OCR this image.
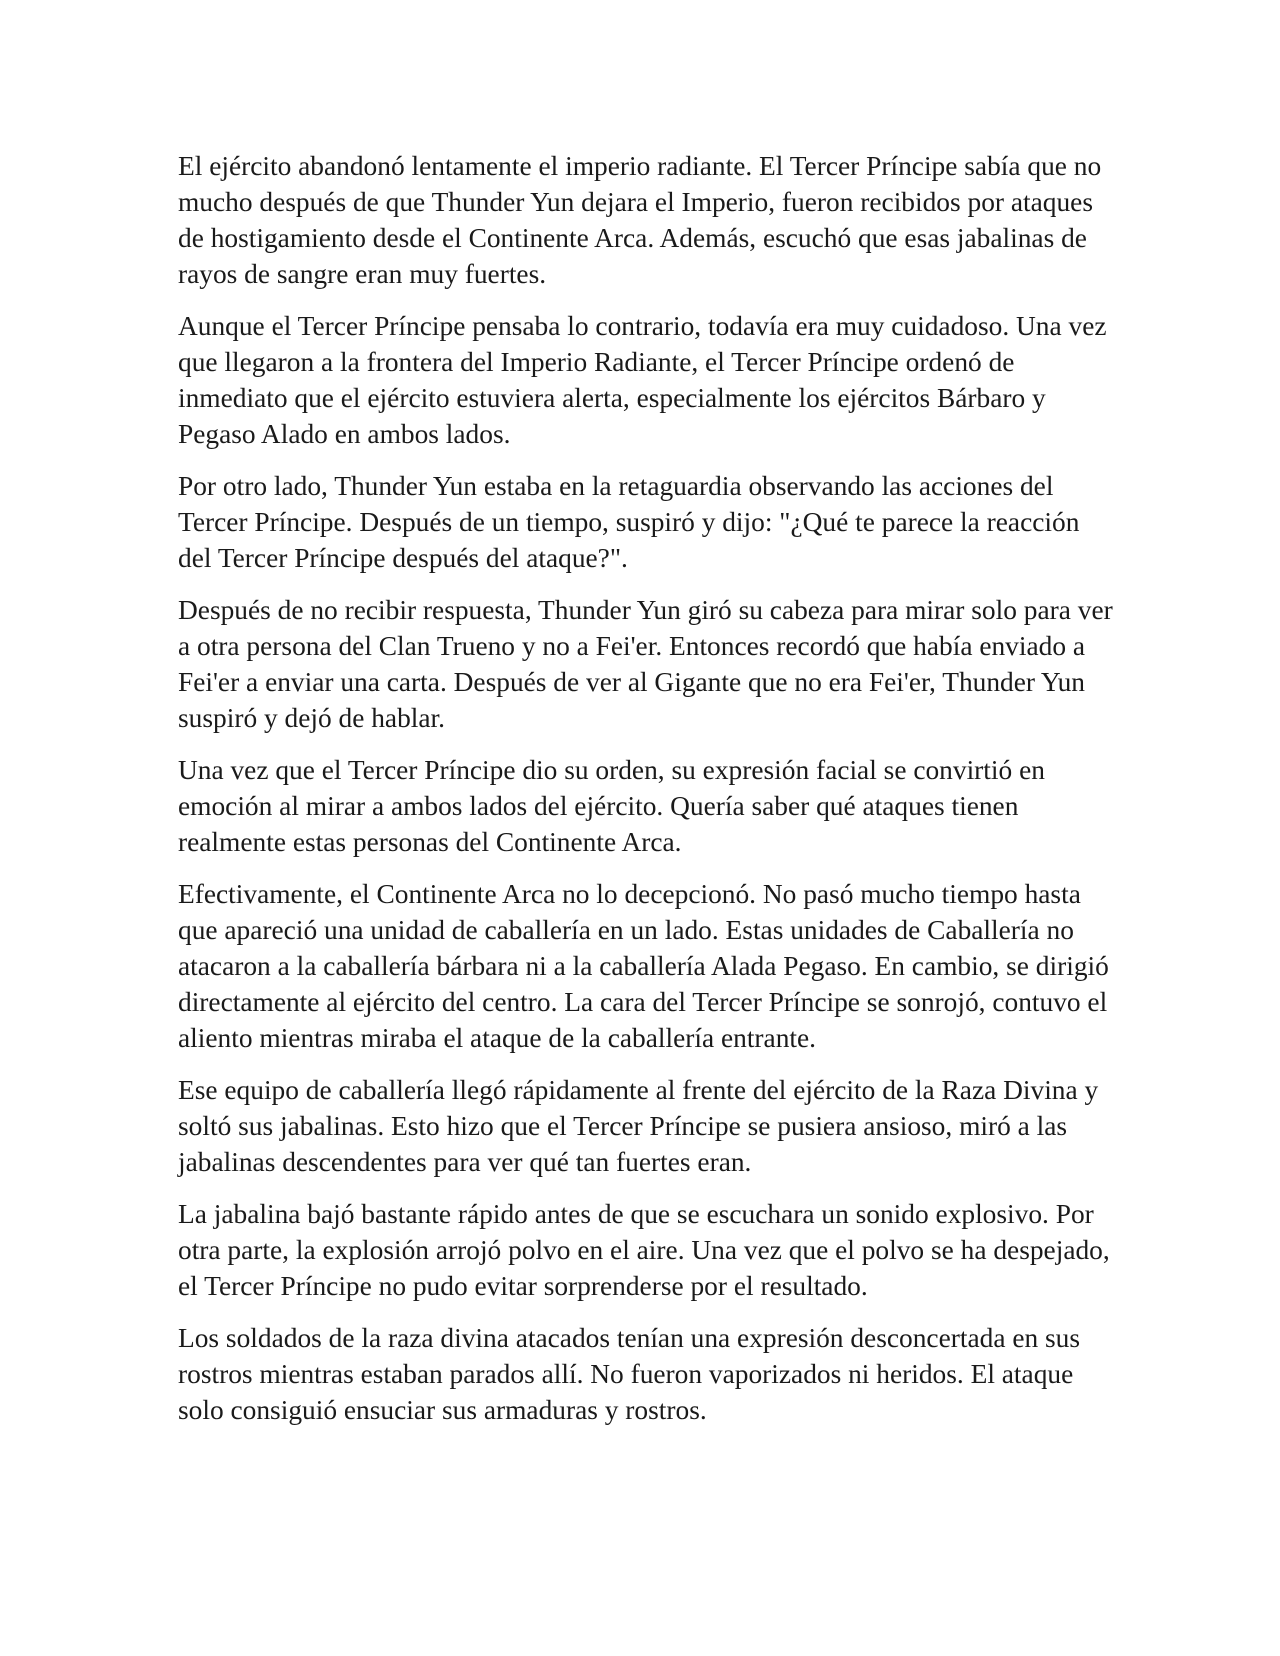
El ejército abandonó lentamente el imperio radiante. El Tercer Príncipe sabía que no mucho después de que Thunder Yun dejara el Imperio, fueron recibidos por ataques de hostigamiento desde el Continente Arca. Además, escuchó que esas jabalinas de rayos de sangre eran muy fuertes.

Aunque el Tercer Príncipe pensaba lo contrario, todavía era muy cuidadoso. Una vez que llegaron a la frontera del Imperio Radiante, el Tercer Príncipe ordenó de inmediato que el ejército estuviera alerta, especialmente los ejércitos Bárbaro y Pegaso Alado en ambos lados.

Por otro lado, Thunder Yun estaba en la retaguardia observando las acciones del Tercer Príncipe. Después de un tiempo, suspiró y dijo: "¿Qué te parece la reacción del Tercer Príncipe después del ataque?".

Después de no recibir respuesta, Thunder Yun giró su cabeza para mirar solo para ver a otra persona del Clan Trueno y no a Fei'er. Entonces recordó que había enviado a Fei'er a enviar una carta. Después de ver al Gigante que no era Fei'er, Thunder Yun suspiró y dejó de hablar.

Una vez que el Tercer Príncipe dio su orden, su expresión facial se convirtió en emoción al mirar a ambos lados del ejército. Quería saber qué ataques tienen realmente estas personas del Continente Arca.

Efectivamente, el Continente Arca no lo decepcionó. No pasó mucho tiempo hasta que apareció una unidad de caballería en un lado. Estas unidades de Caballería no atacaron a la caballería bárbara ni a la caballería Alada Pegaso. En cambio, se dirigió directamente al ejército del centro. La cara del Tercer Príncipe se sonrojó, contuvo el aliento mientras miraba el ataque de la caballería entrante.

Ese equipo de caballería llegó rápidamente al frente del ejército de la Raza Divina y soltó sus jabalinas. Esto hizo que el Tercer Príncipe se pusiera ansioso, miró a las jabalinas descendentes para ver qué tan fuertes eran.

La jabalina bajó bastante rápido antes de que se escuchara un sonido explosivo. Por otra parte, la explosión arrojó polvo en el aire. Una vez que el polvo se ha despejado, el Tercer Príncipe no pudo evitar sorprenderse por el resultado.

Los soldados de la raza divina atacados tenían una expresión desconcertada en sus rostros mientras estaban parados allí. No fueron vaporizados ni heridos. El ataque solo consiguió ensuciar sus armaduras y rostros.
